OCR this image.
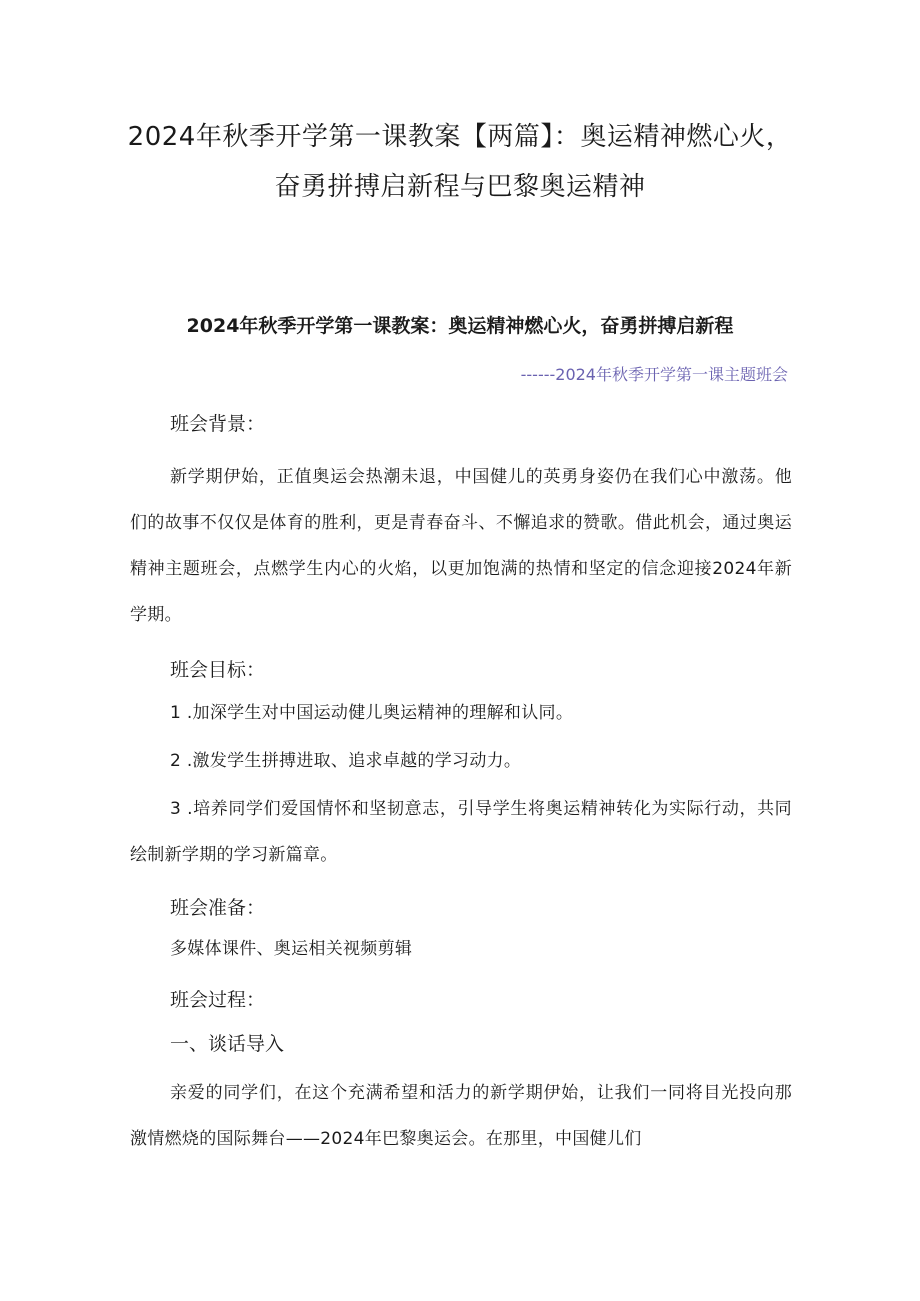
2024年秋季开学第一课教案【两篇】：奥运精神燃心火，奋勇拼搏启新程与巴黎奥运精神
2024年秋季开学第一课教案：奥运精神燃心火，奋勇拼搏启新程

------2024年秋季开学第一课主题班会

班会背景：

新学期伊始，正值奥运会热潮未退，中国健儿的英勇身姿仍在我们心中激荡。他们的故事不仅仅是体育的胜利，更是青春奋斗、不懈追求的赞歌。借此机会，通过奥运精神主题班会，点燃学生内心的火焰，以更加饱满的热情和坚定的信念迎接2024年新学期。

班会目标：

1 .加深学生对中国运动健儿奥运精神的理解和认同。

2 .激发学生拼搏进取、追求卓越的学习动力。

3 .培养同学们爱国情怀和坚韧意志，引导学生将奥运精神转化为实际行动，共同绘制新学期的学习新篇章。

班会准备：

多媒体课件、奥运相关视频剪辑

班会过程：
一、谈话导入

亲爱的同学们，在这个充满希望和活力的新学期伊始，让我们一同将目光投向那激情燃烧的国际舞台——2024年巴黎奥运会。在那里，中国健儿们
